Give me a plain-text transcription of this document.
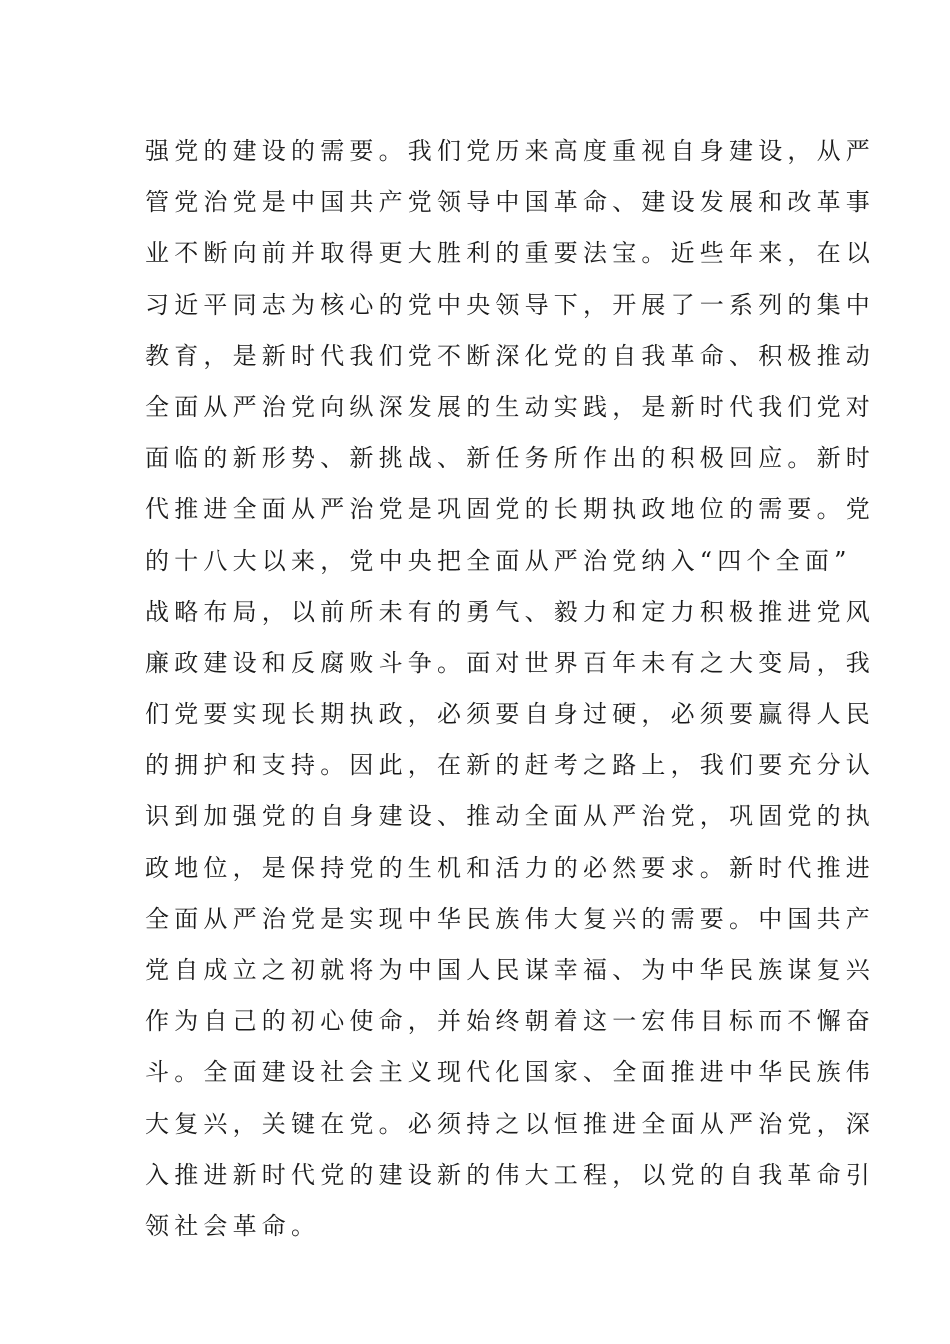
强党的建设的需要。我们党历来高度重视自身建设，从严
管党治党是中国共产党领导中国革命、建设发展和改革事
业不断向前并取得更大胜利的重要法宝。近些年来，在以
习近平同志为核心的党中央领导下，开展了一系列的集中
教育，是新时代我们党不断深化党的自我革命、积极推动
全面从严治党向纵深发展的生动实践，是新时代我们党对
面临的新形势、新挑战、新任务所作出的积极回应。新时
代推进全面从严治党是巩固党的长期执政地位的需要。党
的十八大以来，党中央把全面从严治党纳入“四个全面”
战略布局，以前所未有的勇气、毅力和定力积极推进党风
廉政建设和反腐败斗争。面对世界百年未有之大变局，我
们党要实现长期执政，必须要自身过硬，必须要赢得人民
的拥护和支持。因此，在新的赶考之路上，我们要充分认
识到加强党的自身建设、推动全面从严治党，巩固党的执
政地位，是保持党的生机和活力的必然要求。新时代推进
全面从严治党是实现中华民族伟大复兴的需要。中国共产
党自成立之初就将为中国人民谋幸福、为中华民族谋复兴
作为自己的初心使命，并始终朝着这一宏伟目标而不懈奋
斗。全面建设社会主义现代化国家、全面推进中华民族伟
大复兴，关键在党。必须持之以恒推进全面从严治党，深
入推进新时代党的建设新的伟大工程，以党的自我革命引
领社会革命。
